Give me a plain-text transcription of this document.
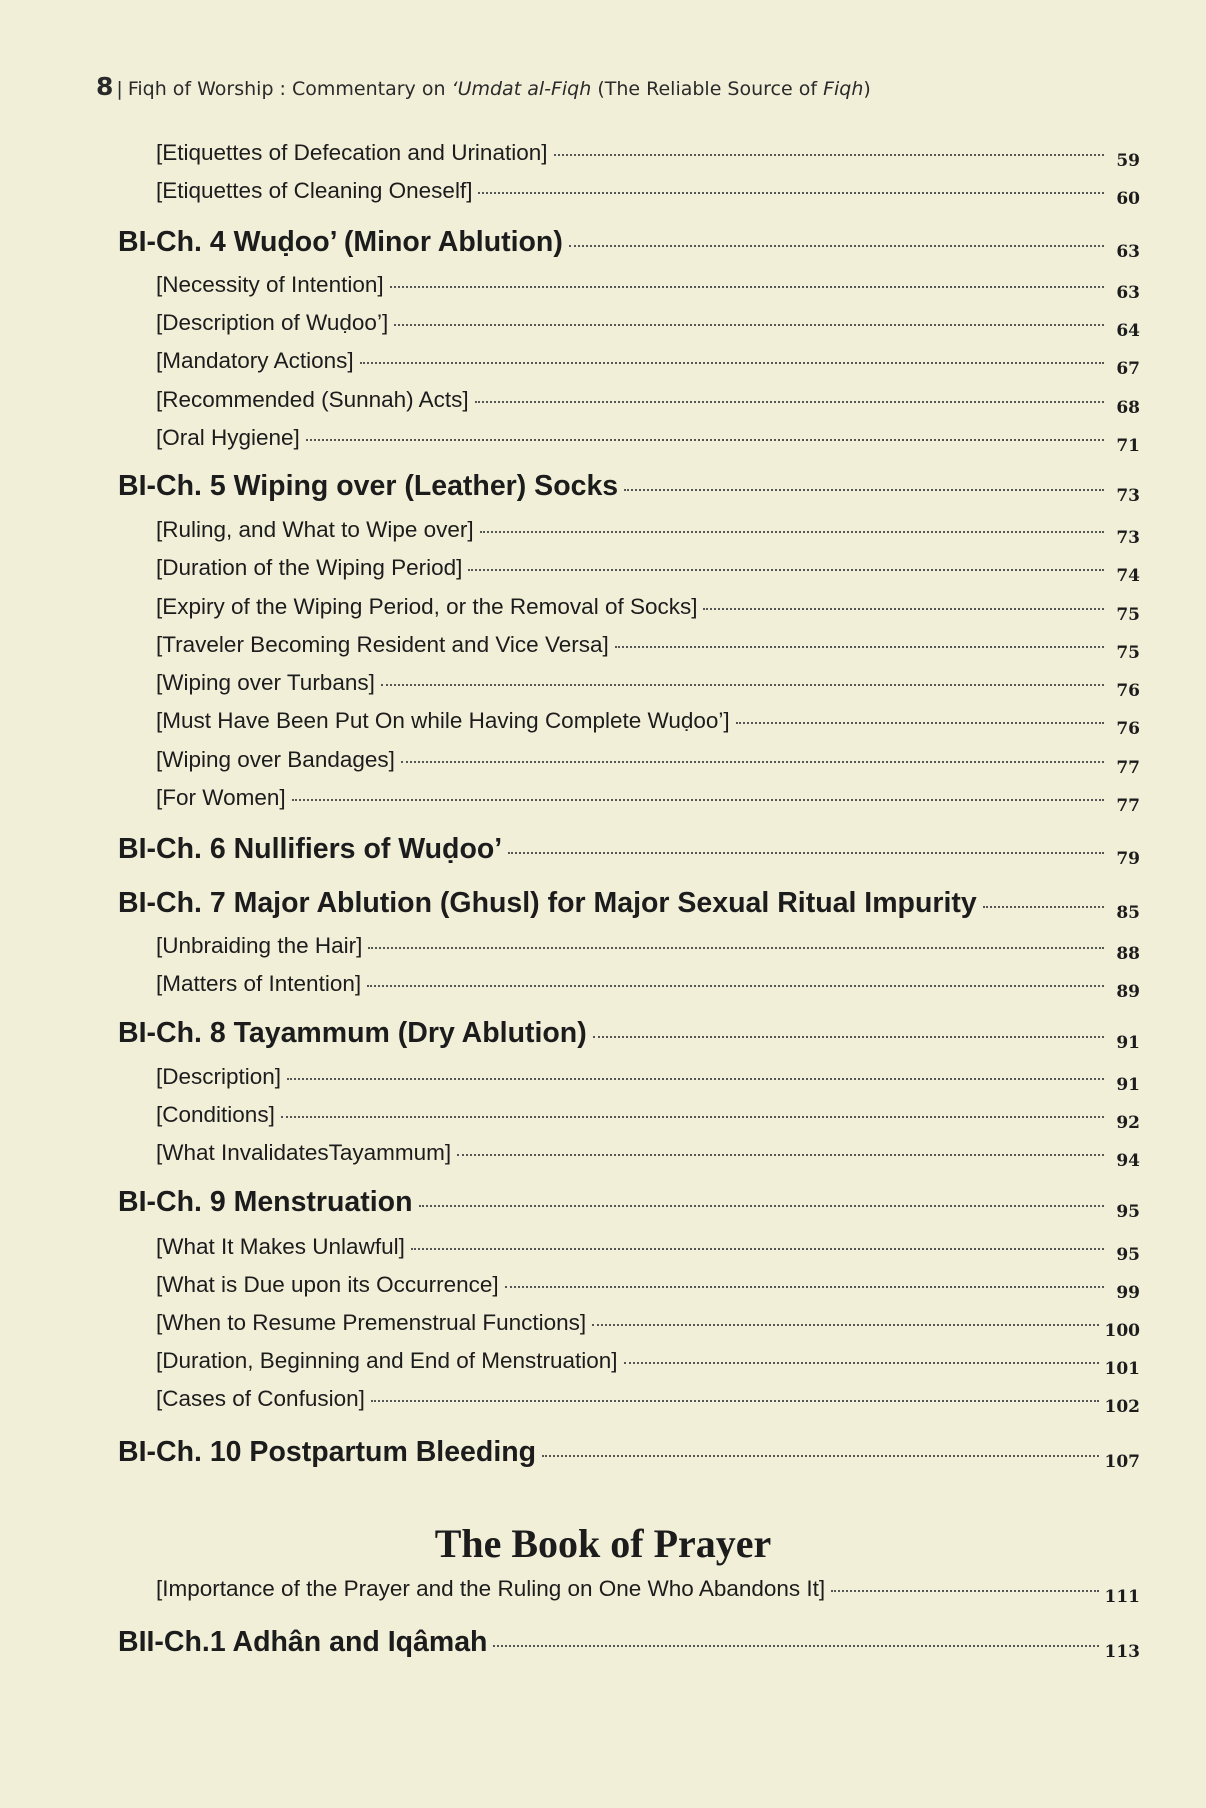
8 | Fiqh of Worship : Commentary on ‘Umdat al-Fiqh (The Reliable Source of Fiqh)
[Etiquettes of Defecation and Urination]	59
[Etiquettes of Cleaning Oneself]	60
BI-Ch. 4 Wuḍoo’ (Minor Ablution)	63
[Necessity of Intention]	63
[Description of Wuḍoo’]	64
[Mandatory Actions]	67
[Recommended (Sunnah) Acts]	68
[Oral Hygiene]	71
BI-Ch. 5 Wiping over (Leather) Socks	73
[Ruling, and What to Wipe over]	73
[Duration of the Wiping Period]	74
[Expiry of the Wiping Period, or the Removal of Socks]	75
[Traveler Becoming Resident and Vice Versa]	75
[Wiping over Turbans]	76
[Must Have Been Put On while Having Complete Wuḍoo’]	76
[Wiping over Bandages]	77
[For Women]	77
BI-Ch. 6 Nullifiers of Wuḍoo’	79
BI-Ch. 7 Major Ablution (Ghusl) for Major Sexual Ritual Impurity	85
[Unbraiding the Hair]	88
[Matters of Intention]	89
BI-Ch. 8 Tayammum (Dry Ablution)	91
[Description]	91
[Conditions]	92
[What InvalidatesTayammum]	94
BI-Ch. 9 Menstruation	95
[What It Makes Unlawful]	95
[What is Due upon its Occurrence]	99
[When to Resume Premenstrual Functions]	100
[Duration, Beginning and End of Menstruation]	101
[Cases of Confusion]	102
BI-Ch. 10 Postpartum Bleeding	107
[Importance of the Prayer and the Ruling on One Who Abandons It]	111
BII-Ch.1 Adhân and Iqâmah	113
The Book of Prayer
